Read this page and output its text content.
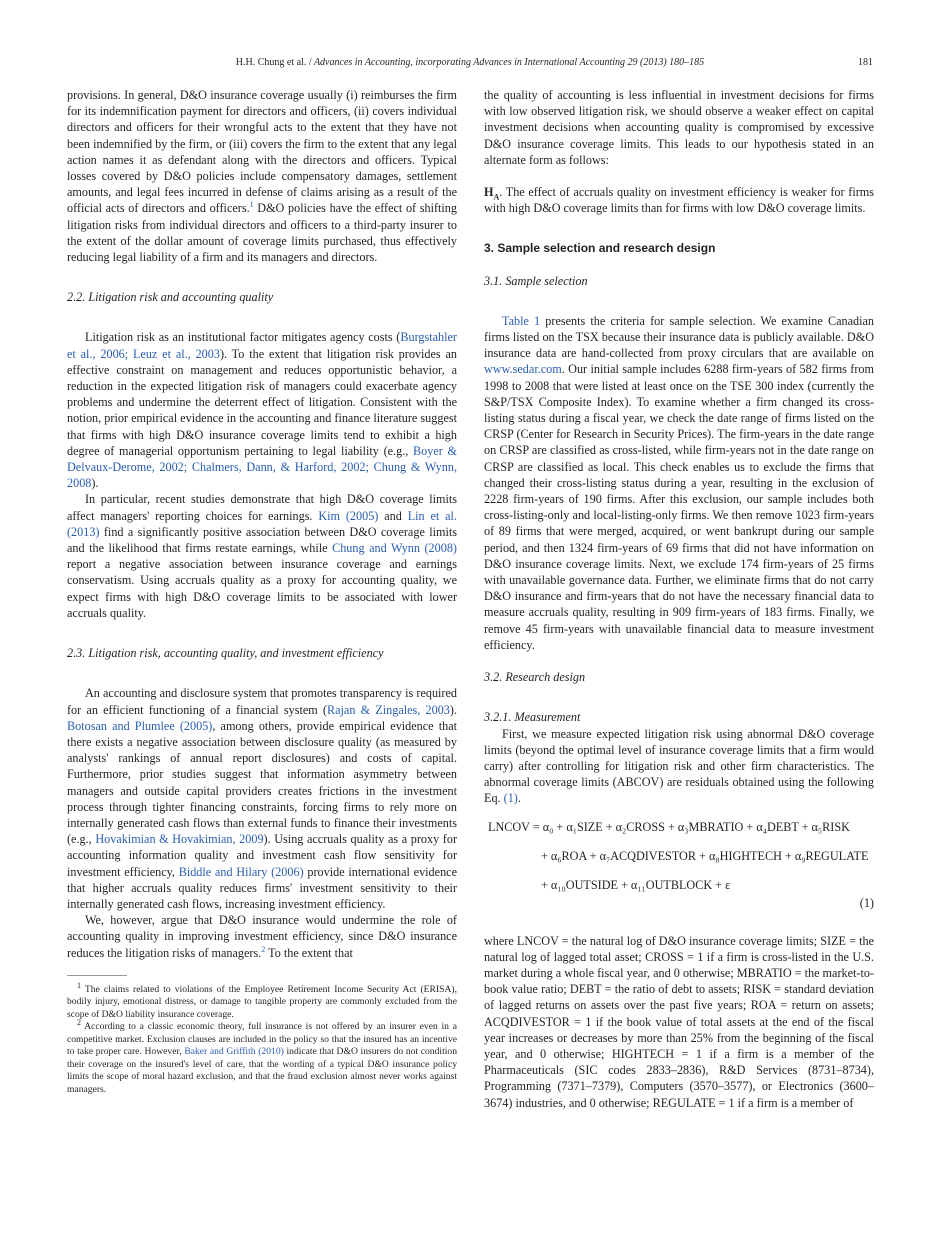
H.H. Chung et al. / Advances in Accounting, incorporating Advances in International Accounting 29 (2013) 180–185	181

provisions. In general, D&O insurance coverage usually (i) reimburses the firm for its indemnification payment for directors and officers, (ii) covers individual directors and officers for their wrongful acts to the extent that they have not been indemnified by the firm, or (iii) covers the firm to the extent that any legal action names it as defendant along with the directors and officers. Typical losses covered by D&O policies include compensatory damages, settlement amounts, and legal fees incurred in defense of claims arising as a result of the official acts of directors and officers.$^1$ D&O policies have the effect of shifting litigation risks from individual directors and officers to a third-party insurer to the extent of the dollar amount of coverage limits purchased, thus effectively reducing legal liability of a firm and its managers and directors.

2.2. Litigation risk and accounting quality

Litigation risk as an institutional factor mitigates agency costs (Burgstahler et al., 2006; Leuz et al., 2003). To the extent that litigation risk provides an effective constraint on management and reduces opportunistic behavior, a reduction in the expected litigation risk of managers could exacerbate agency problems and undermine the deterrent effect of litigation. Consistent with the notion, prior empirical evidence in the accounting and finance literature suggest that firms with high D&O insurance coverage limits tend to exhibit a high degree of managerial opportunism pertaining to legal liability (e.g., Boyer & Delvaux-Derome, 2002; Chalmers, Dann, & Harford, 2002; Chung & Wynn, 2008).

In particular, recent studies demonstrate that high D&O coverage limits affect managers' reporting choices for earnings. Kim (2005) and Lin et al. (2013) find a significantly positive association between D&O coverage limits and the likelihood that firms restate earnings, while Chung and Wynn (2008) report a negative association between insurance coverage and earnings conservatism. Using accruals quality as a proxy for accounting quality, we expect firms with high D&O coverage limits to be associated with lower accruals quality.

2.3. Litigation risk, accounting quality, and investment efficiency

An accounting and disclosure system that promotes transparency is required for an efficient functioning of a financial system (Rajan & Zingales, 2003). Botosan and Plumlee (2005), among others, provide empirical evidence that there exists a negative association between disclosure quality (as measured by analysts' rankings of annual report disclosures) and costs of capital. Furthermore, prior studies suggest that information asymmetry between managers and outside capital providers creates frictions in the investment process through tighter financing constraints, forcing firms to rely more on internally generated cash flows than external funds to finance their investments (e.g., Hovakimian & Hovakimian, 2009). Using accruals quality as a proxy for accounting information quality and investment cash flow sensitivity for investment efficiency, Biddle and Hilary (2006) provide international evidence that higher accruals quality reduces firms' investment sensitivity to their internally generated cash flows, increasing investment efficiency.

We, however, argue that D&O insurance would undermine the role of accounting quality in improving investment efficiency, since D&O insurance reduces the litigation risks of managers.$^2$ To the extent that

$^1$ The claims related to violations of the Employee Retirement Income Security Act (ERISA), bodily injury, emotional distress, or damage to tangible property are commonly excluded from the scope of D&O liability insurance coverage.

$^2$ According to a classic economic theory, full insurance is not offered by an insurer even in a competitive market. Exclusion clauses are included in the policy so that the insured has an incentive to take proper care. However, Baker and Griffith (2010) indicate that D&O insurers do not condition their coverage on the insured's level of care, that the wording of a typical D&O insurance policy limits the scope of moral hazard exclusion, and that the fraud exclusion almost never works against managers.

the quality of accounting is less influential in investment decisions for firms with low observed litigation risk, we should observe a weaker effect on capital investment decisions when accounting quality is compromised by excessive D&O insurance coverage limits. This leads to our hypothesis stated in an alternate form as follows:

$H_A$. The effect of accruals quality on investment efficiency is weaker for firms with high D&O coverage limits than for firms with low D&O coverage limits.

3. Sample selection and research design

3.1. Sample selection

Table 1 presents the criteria for sample selection. We examine Canadian firms listed on the TSX because their insurance data is publicly available. D&O insurance data are hand-collected from proxy circulars that are available on www.sedar.com. Our initial sample includes 6288 firm-years of 582 firms from 1998 to 2008 that were listed at least once on the TSE 300 index (currently the S&P/TSX Composite Index). To examine whether a firm changed its cross-listing status during a fiscal year, we check the date range of firms listed on the CRSP (Center for Research in Security Prices). The firm-years in the date range on CRSP are classified as cross-listed, while firm-years not in the date range on CRSP are classified as local. This check enables us to exclude the firms that changed their cross-listing status during a year, resulting in the exclusion of 2228 firm-years of 190 firms. After this exclusion, our sample includes both cross-listing-only and local-listing-only firms. We then remove 1023 firm-years of 89 firms that were merged, acquired, or went bankrupt during our sample period, and then 1324 firm-years of 69 firms that did not have information on D&O insurance coverage limits. Next, we exclude 174 firm-years of 25 firms with unavailable governance data. Further, we eliminate firms that do not carry D&O insurance and firm-years that do not have the necessary financial data to measure accruals quality, resulting in 909 firm-years of 183 firms. Finally, we remove 45 firm-years with unavailable financial data to measure investment efficiency.

3.2. Research design

3.2.1. Measurement

First, we measure expected litigation risk using abnormal D&O coverage limits (beyond the optimal level of insurance coverage limits that a firm would carry) after controlling for litigation risk and other firm characteristics. The abnormal coverage limits (ABCOV) are residuals obtained using the following Eq. (1).

LNCOV = α₀ + α₁SIZE + α₂CROSS + α₃MBRATIO + α₄DEBT + α₅RISK
+ α₆ROA + α₇ACQDIVESTOR + α₈HIGHTECH + α₉REGULATE
+ α₁₀OUTSIDE + α₁₁OUTBLOCK + ε
(1)

where LNCOV = the natural log of D&O insurance coverage limits; SIZE = the natural log of lagged total asset; CROSS = 1 if a firm is cross-listed in the U.S. market during a whole fiscal year, and 0 otherwise; MBRATIO = the market-to-book value ratio; DEBT = the ratio of debt to assets; RISK = standard deviation of lagged returns on assets over the past five years; ROA = return on assets; ACQDIVESTOR = 1 if the book value of total assets at the end of the fiscal year increases or decreases by more than 25% from the beginning of the fiscal year, and 0 otherwise; HIGHTECH = 1 if a firm is a member of the Pharmaceuticals (SIC codes 2833–2836), R&D Services (8731–8734), Programming (7371–7379), Computers (3570–3577), or Electronics (3600–3674) industries, and 0 otherwise; REGULATE = 1 if a firm is a member of
